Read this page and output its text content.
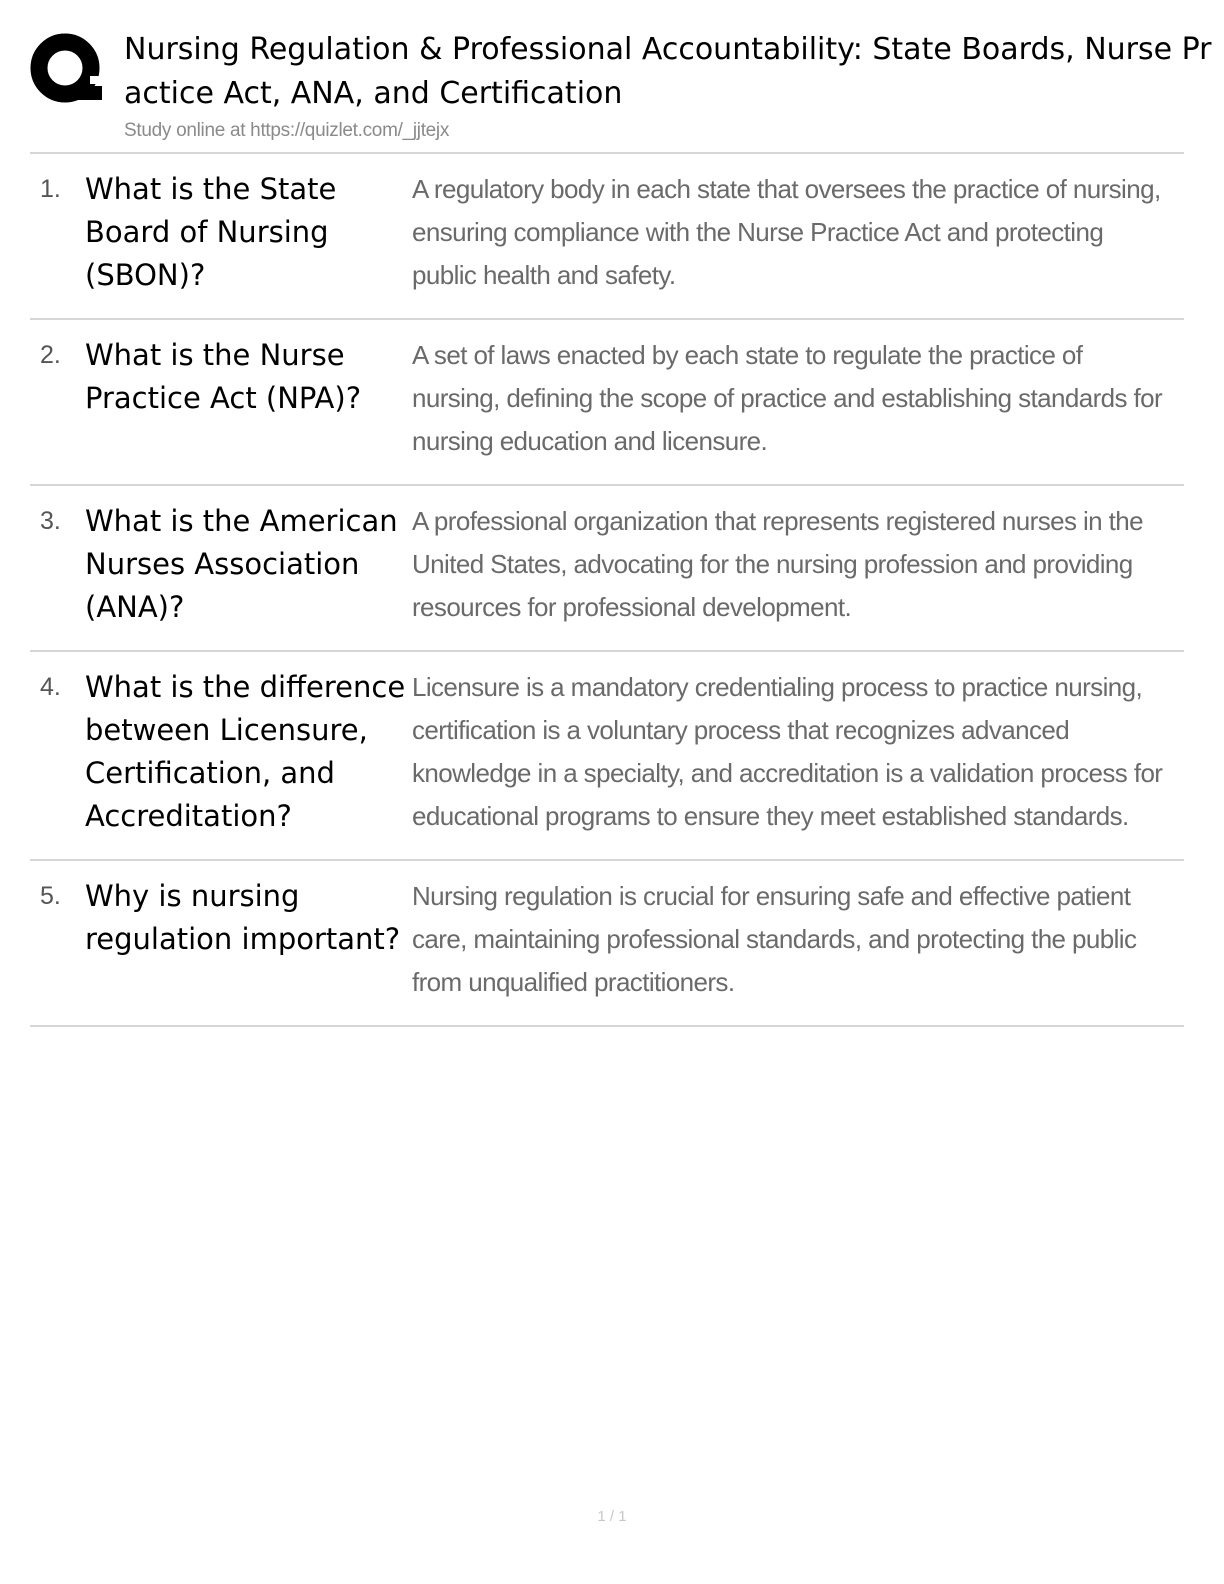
Nursing Regulation & Professional Accountability: State Boards, Nurse Practice Act, ANA, and Certification
Study online at https://quizlet.com/_jjtejx
1. What is the State Board of Nursing (SBON)?
A regulatory body in each state that oversees the practice of nursing, ensuring compliance with the Nurse Practice Act and protecting public health and safety.
2. What is the Nurse Practice Act (NPA)?
A set of laws enacted by each state to regulate the practice of nursing, defining the scope of practice and establishing standards for nursing education and licensure.
3. What is the American Nurses Association (ANA)?
A professional organization that represents registered nurses in the United States, advocating for the nursing profession and providing resources for professional development.
4. What is the difference between Licensure, Certification, and Accreditation?
Licensure is a mandatory credentialing process to practice nursing, certification is a voluntary process that recognizes advanced knowledge in a specialty, and accreditation is a validation process for educational programs to ensure they meet established standards.
5. Why is nursing regulation important?
Nursing regulation is crucial for ensuring safe and effective patient care, maintaining professional standards, and protecting the public from unqualified practitioners.
1 / 1
